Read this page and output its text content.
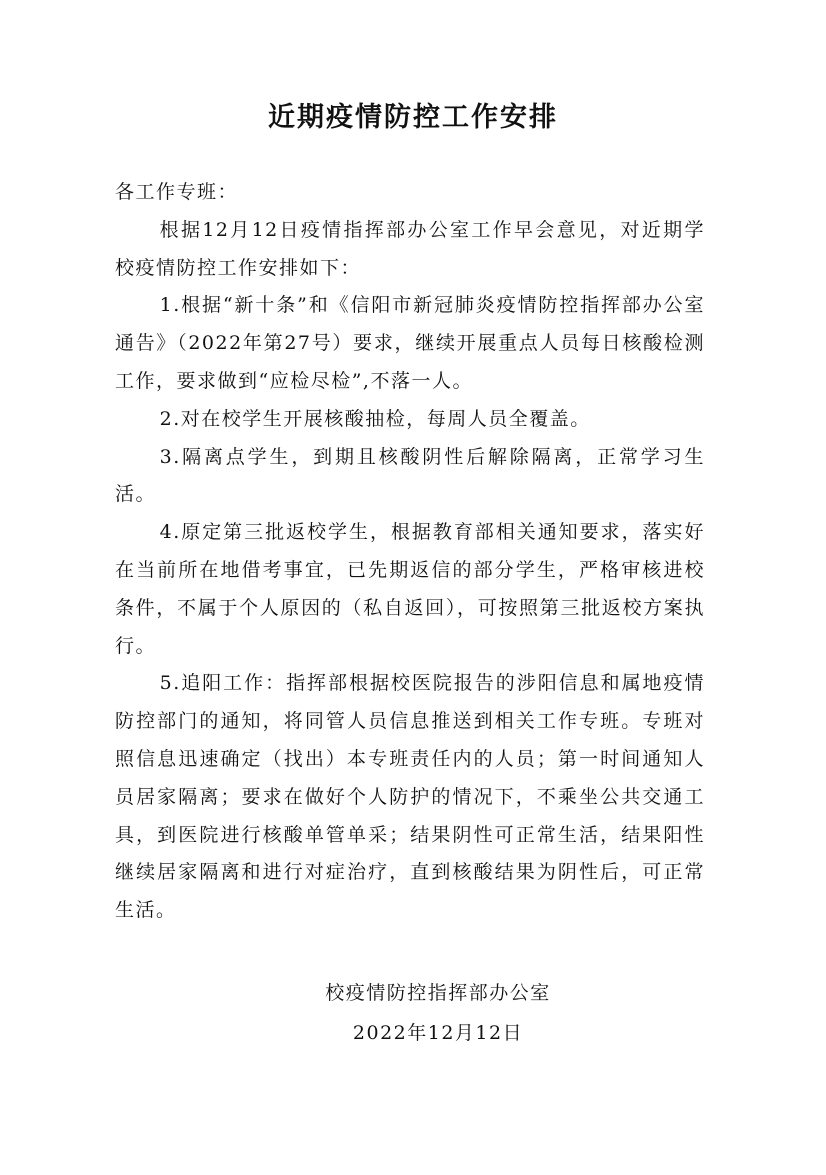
近期疫情防控工作安排

各工作专班：

根据12月12日疫情指挥部办公室工作早会意见，对近期学校疫情防控工作安排如下：

1.根据“新十条”和《信阳市新冠肺炎疫情防控指挥部办公室通告》（2022年第27号）要求，继续开展重点人员每日核酸检测工作，要求做到“应检尽检”,不落一人。

2.对在校学生开展核酸抽检，每周人员全覆盖。

3.隔离点学生，到期且核酸阴性后解除隔离，正常学习生活。

4.原定第三批返校学生，根据教育部相关通知要求，落实好在当前所在地借考事宜，已先期返信的部分学生，严格审核进校条件，不属于个人原因的（私自返回），可按照第三批返校方案执行。

5.追阳工作：指挥部根据校医院报告的涉阳信息和属地疫情防控部门的通知，将同管人员信息推送到相关工作专班。专班对照信息迅速确定（找出）本专班责任内的人员；第一时间通知人员居家隔离；要求在做好个人防护的情况下，不乘坐公共交通工具，到医院进行核酸单管单采；结果阴性可正常生活，结果阳性继续居家隔离和进行对症治疗，直到核酸结果为阴性后，可正常生活。

校疫情防控指挥部办公室
2022年12月12日
